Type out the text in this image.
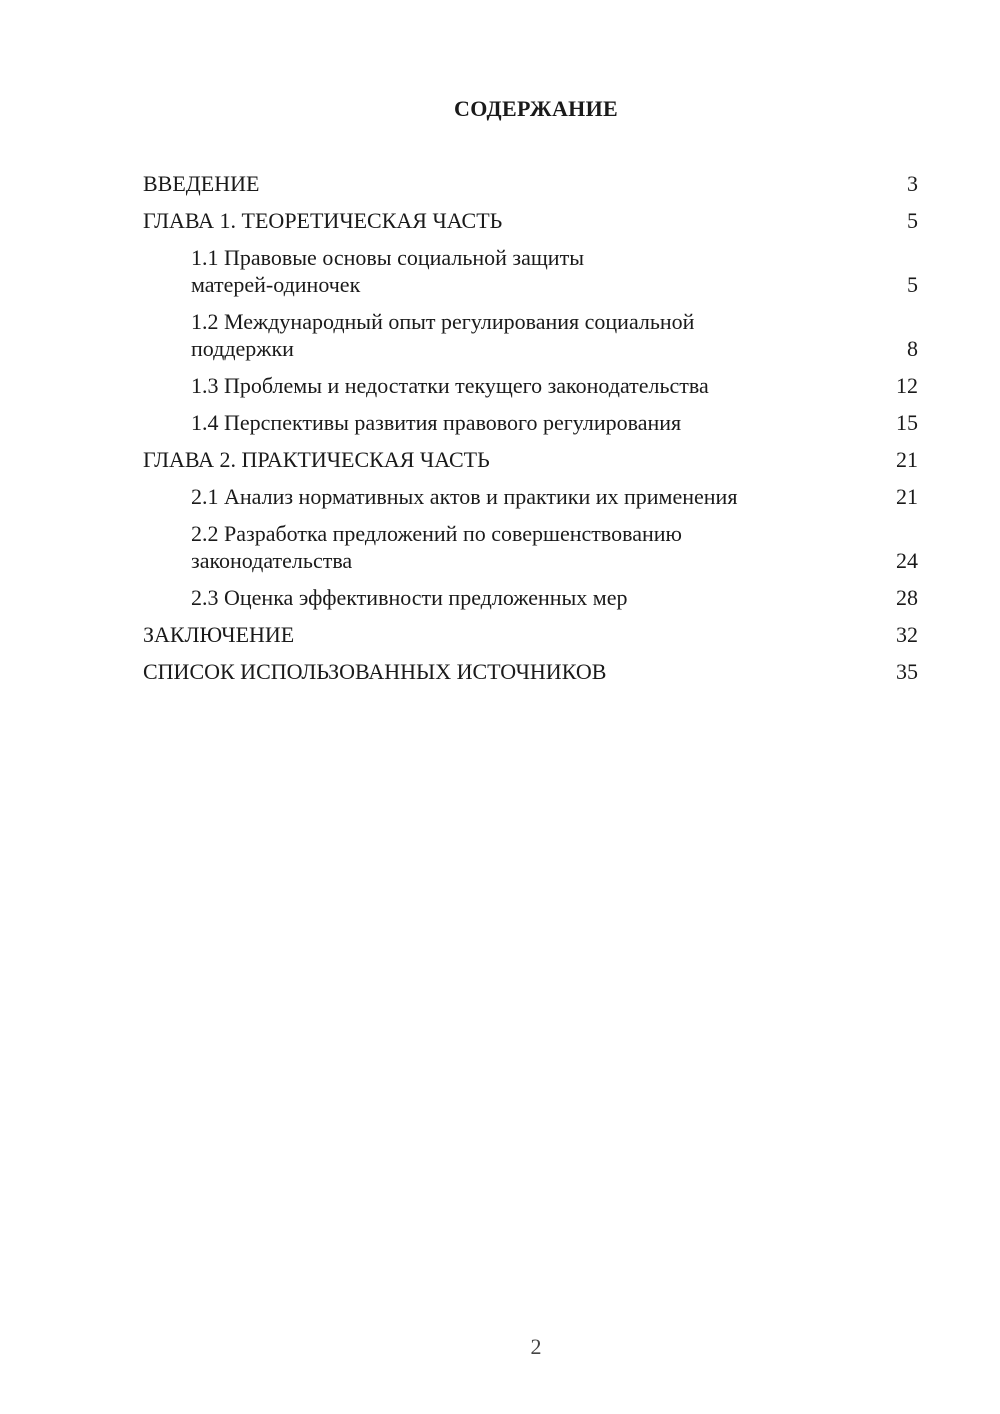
СОДЕРЖАНИЕ
ВВЕДЕНИЕ	3
ГЛАВА 1. ТЕОРЕТИЧЕСКАЯ ЧАСТЬ	5
1.1 Правовые основы социальной защиты матерей-одиночек	5
1.2 Международный опыт регулирования социальной поддержки	8
1.3 Проблемы и недостатки текущего законодательства	12
1.4 Перспективы развития правового регулирования	15
ГЛАВА 2. ПРАКТИЧЕСКАЯ ЧАСТЬ	21
2.1 Анализ нормативных актов и практики их применения	21
2.2 Разработка предложений по совершенствованию законодательства	24
2.3 Оценка эффективности предложенных мер	28
ЗАКЛЮЧЕНИЕ	32
СПИСОК ИСПОЛЬЗОВАННЫХ ИСТОЧНИКОВ	35
2
